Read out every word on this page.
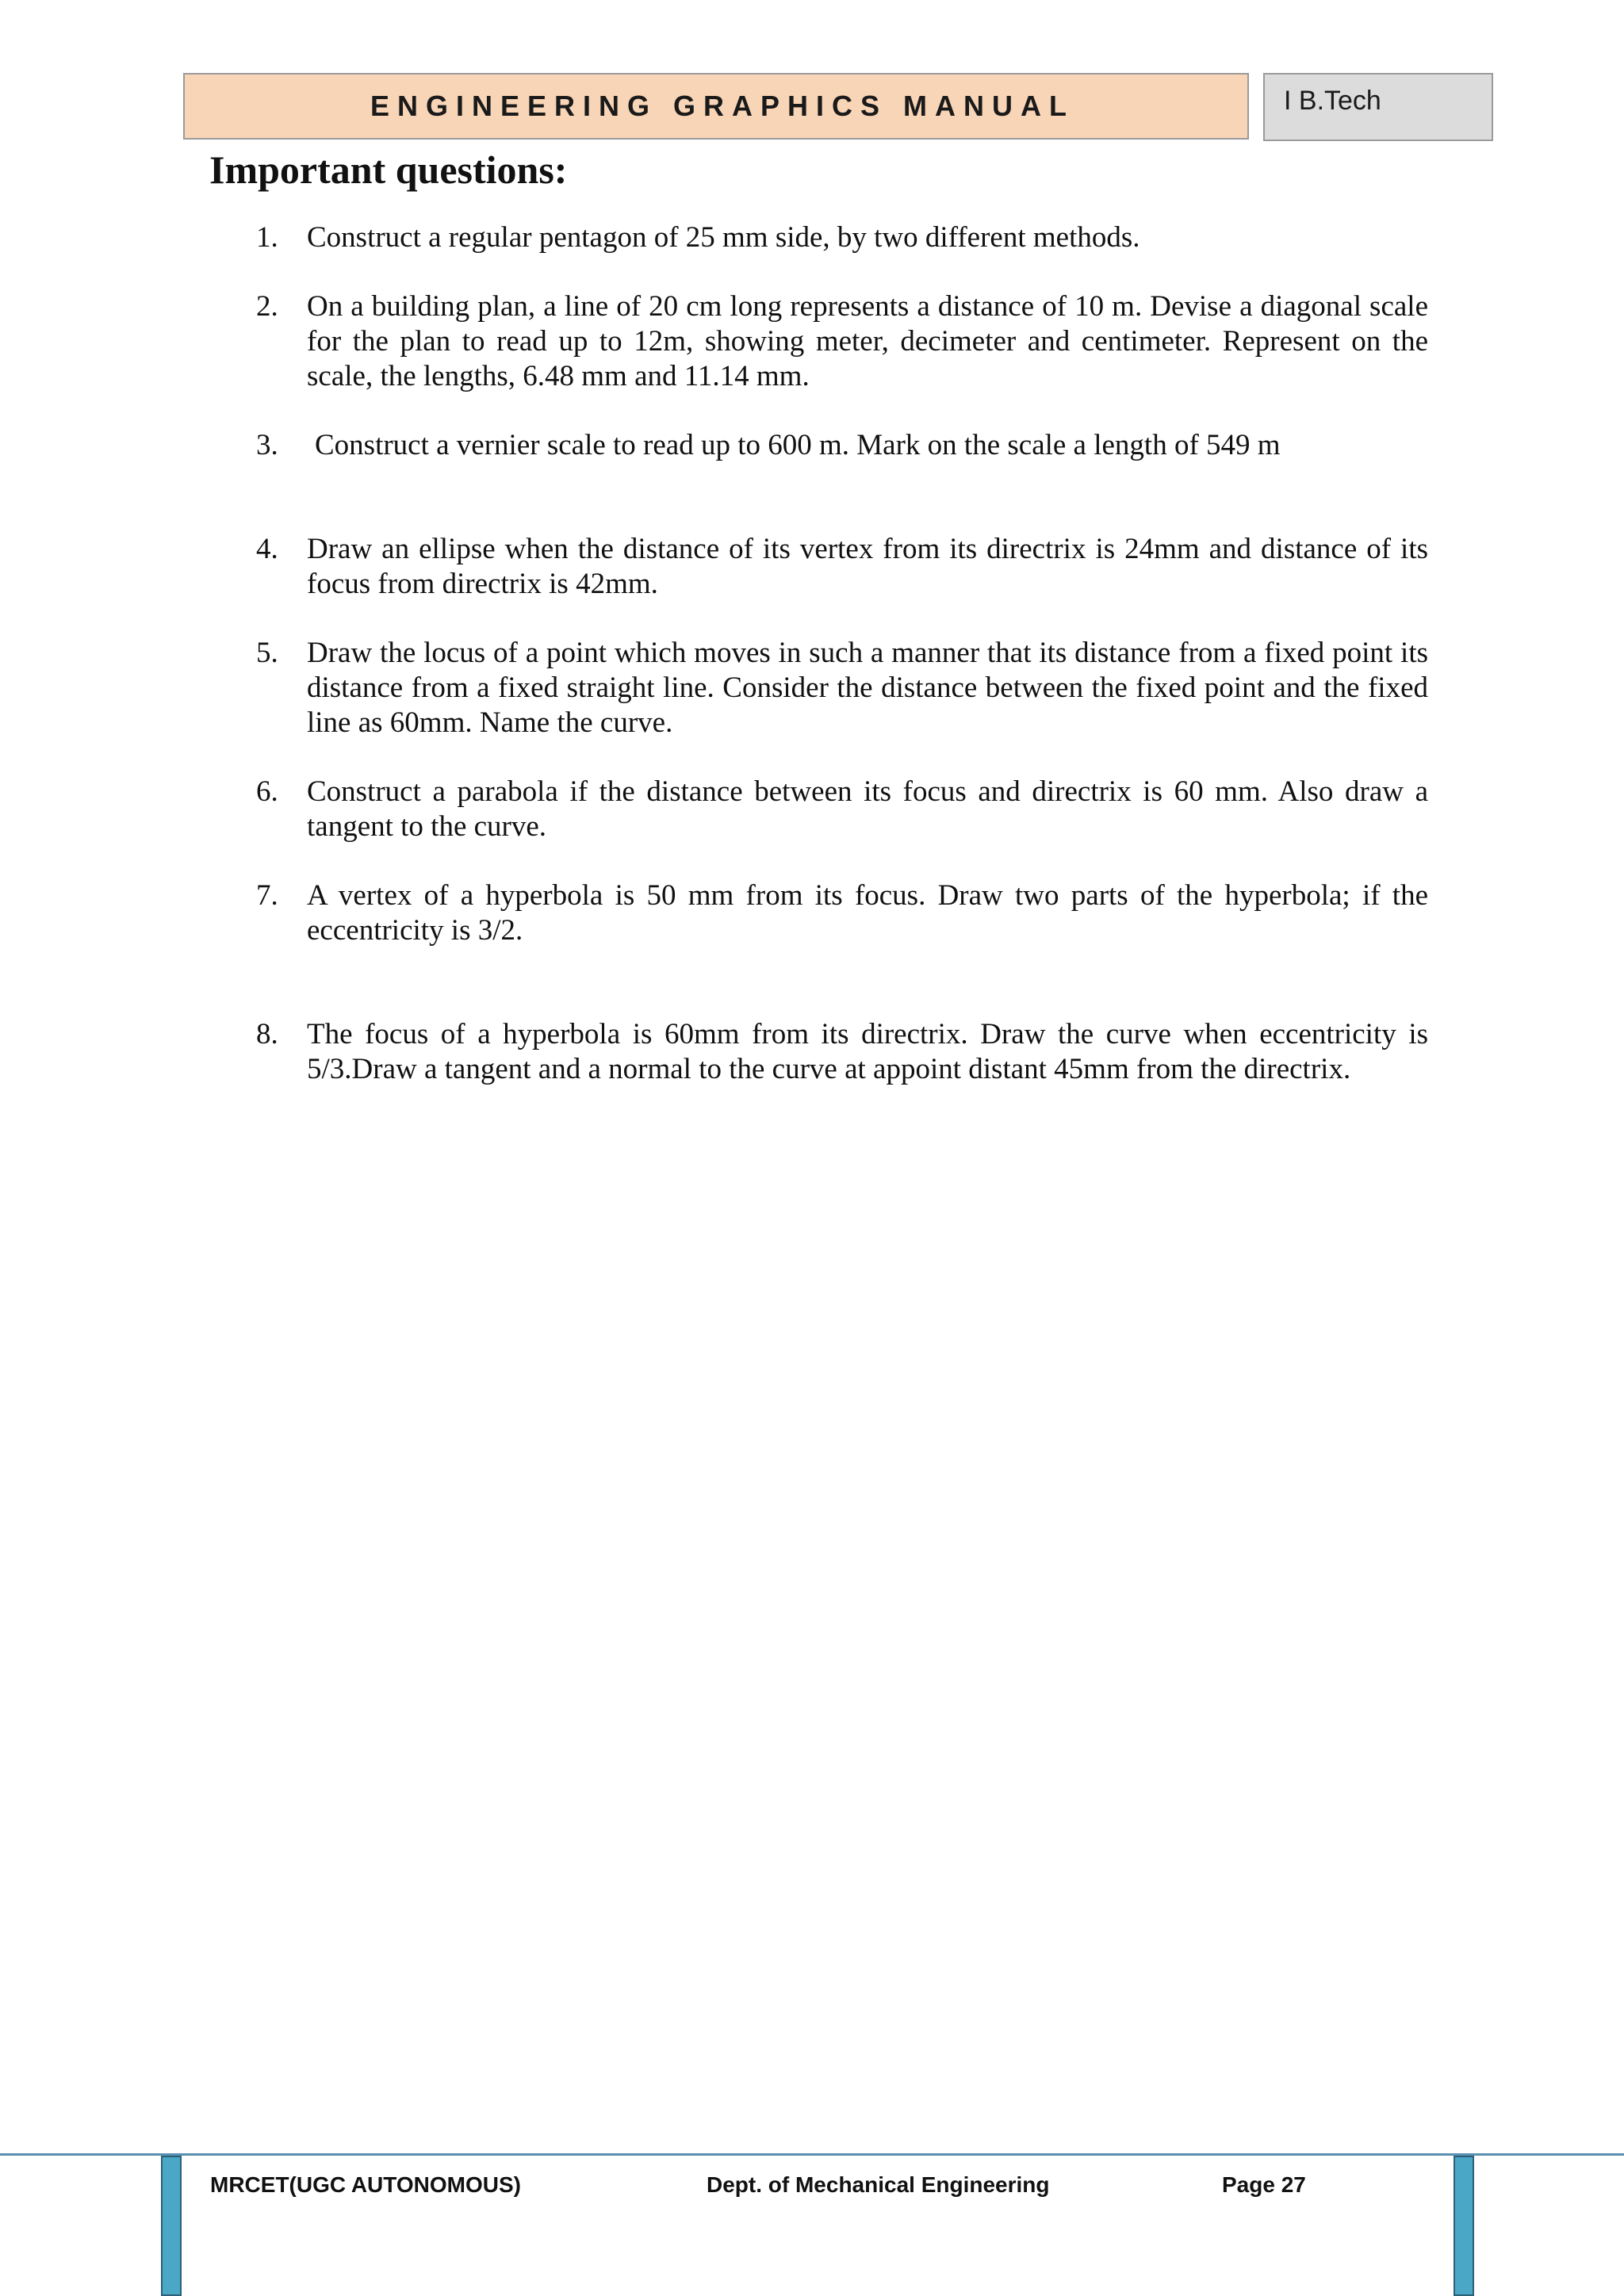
ENGINEERING GRAPHICS MANUAL	I B.Tech
Important questions:
1. Construct a regular pentagon of 25 mm side, by two different methods.
2. On a building plan, a line of 20 cm long represents a distance of 10 m. Devise a diagonal scale for the plan to read up to 12m, showing meter, decimeter and centimeter. Represent on the scale, the lengths, 6.48 mm and 11.14 mm.
3. Construct a vernier scale to read up to 600 m. Mark on the scale a length of 549 m
4. Draw an ellipse when the distance of its vertex from its directrix is 24mm and distance of its focus from directrix is 42mm.
5. Draw the locus of a point which moves in such a manner that its distance from a fixed point its distance from a fixed straight line. Consider the distance between the fixed point and the fixed line as 60mm. Name the curve.
6. Construct a parabola if the distance between its focus and directrix is 60 mm. Also draw a tangent to the curve.
7. A vertex of a hyperbola is 50 mm from its focus. Draw two parts of the hyperbola; if the eccentricity is 3/2.
8. The focus of a hyperbola is 60mm from its directrix. Draw the curve when eccentricity is 5/3.Draw a tangent and a normal to the curve at appoint distant 45mm from the directrix.
MRCET(UGC AUTONOMOUS)	Dept. of Mechanical Engineering	Page 27
